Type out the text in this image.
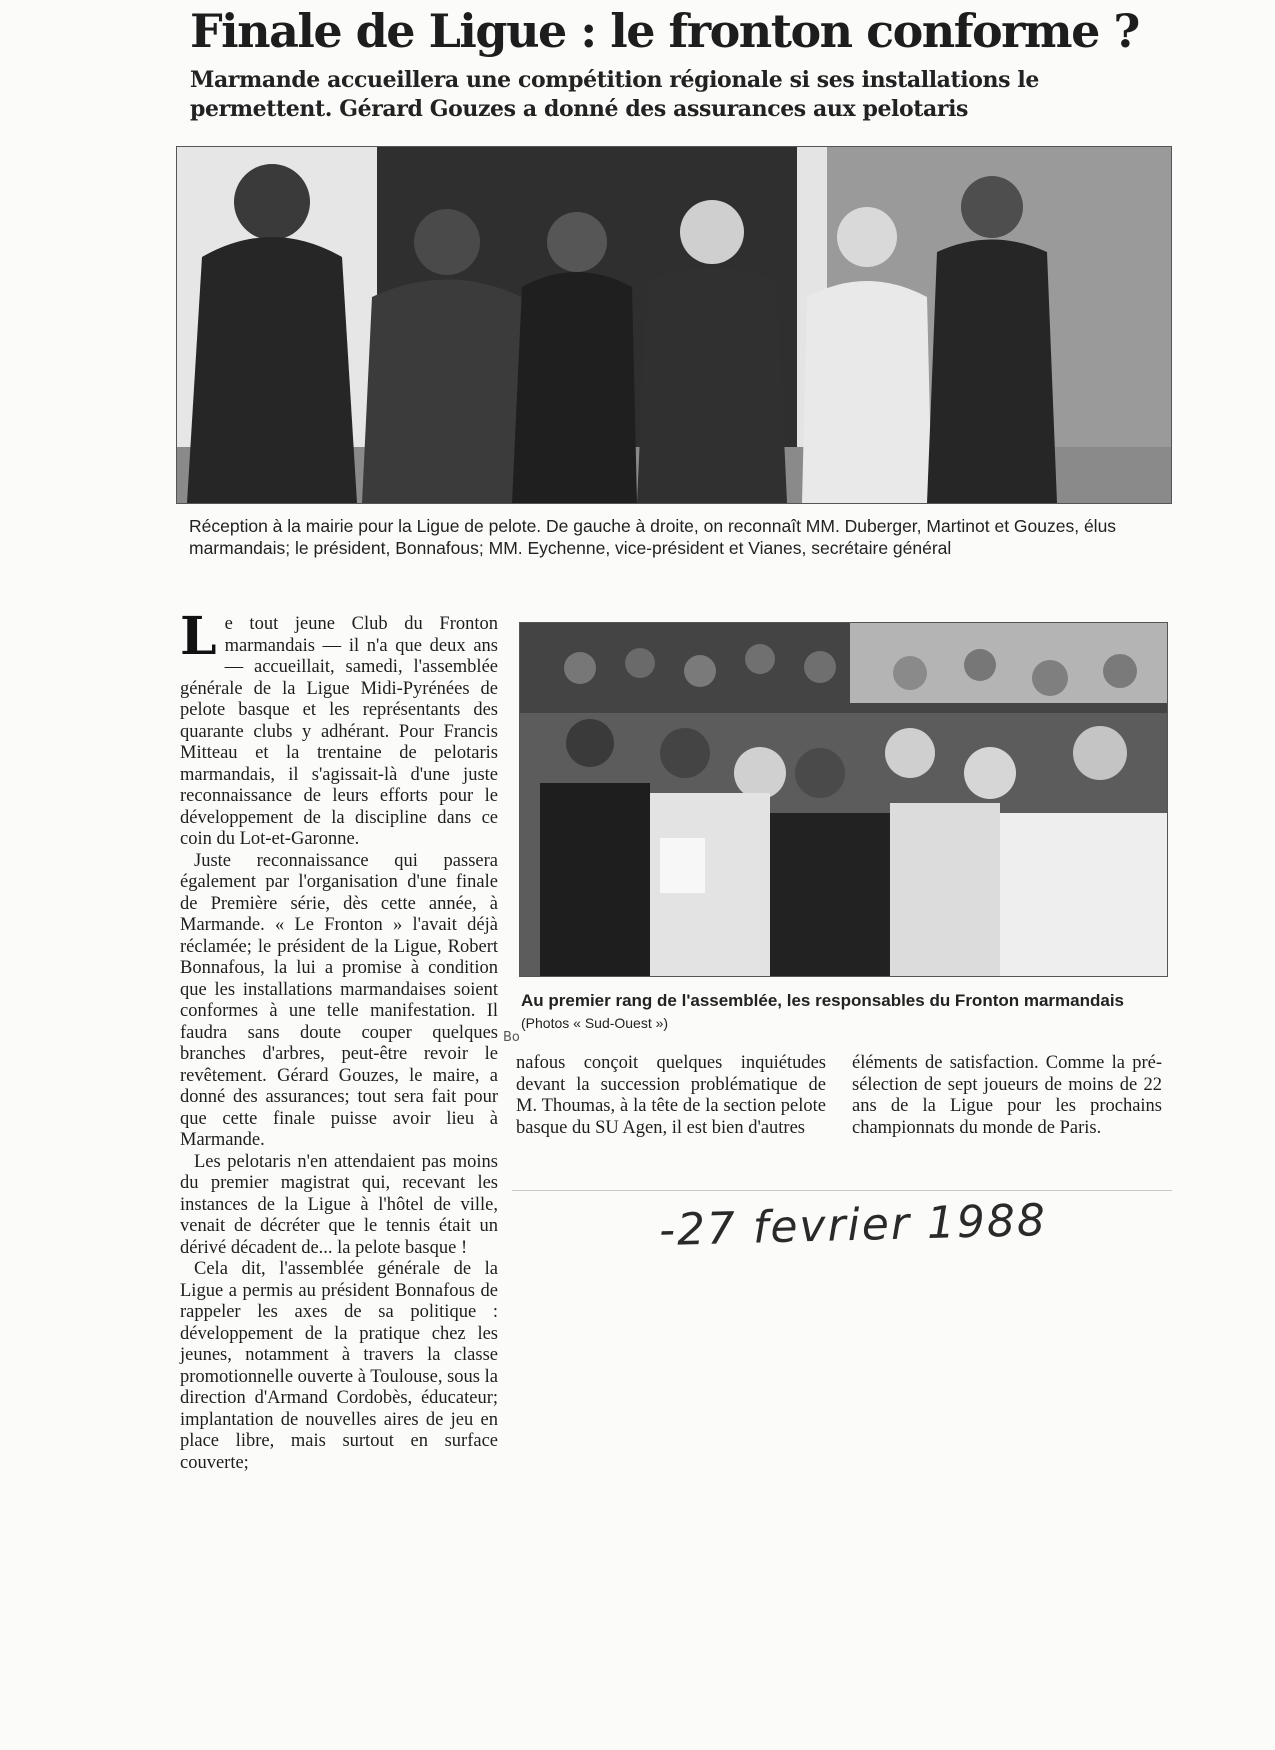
Finale de Ligue : le fronton conforme ?
Marmande accueillera une compétition régionale si ses installations le permettent. Gérard Gouzes a donné des assurances aux pelotaris

Réception à la mairie pour la Ligue de pelote. De gauche à droite, on reconnaît MM. Duberger, Martinot et Gouzes, élus marmandais; le président, Bonnafous; MM. Eychenne, vice-président et Vianes, secrétaire général

Au premier rang de l'assemblée, les responsables du Fronton marmandais (Photos « Sud-Ouest »)

Le tout jeune Club du Fronton marmandais — il n'a que deux ans — accueillait, samedi, l'assemblée générale de la Ligue Midi-Pyrénées de pelote basque et les représentants des quarante clubs y adhérant. Pour Francis Mitteau et la trentaine de pelotaris marmandais, il s'agissait-là d'une juste reconnaissance de leurs efforts pour le développement de la discipline dans ce coin du Lot-et-Garonne.

Juste reconnaissance qui passera également par l'organisation d'une finale de Première série, dès cette année, à Marmande. « Le Fronton » l'avait déjà réclamée; le président de la Ligue, Robert Bonnafous, la lui a promise à condition que les installations marmandaises soient conformes à une telle manifestation. Il faudra sans doute couper quelques branches d'arbres, peut-être revoir le revêtement. Gérard Gouzes, le maire, a donné des assurances; tout sera fait pour que cette finale puisse avoir lieu à Marmande.

Les pelotaris n'en attendaient pas moins du premier magistrat qui, recevant les instances de la Ligue à l'hôtel de ville, venait de décréter que le tennis était un dérivé décadent de... la pelote basque !

Cela dit, l'assemblée générale de la Ligue a permis au président Bonnafous de rappeler les axes de sa politique : développement de la pratique chez les jeunes, notamment à travers la classe promotionnelle ouverte à Toulouse, sous la direction d'Armand Cordobès, éducateur; implantation de nouvelles aires de jeu en place libre, mais surtout en surface couverte;

Bo

nafous conçoit quelques inquiétudes devant la succession problématique de M. Thoumas, à la tête de la section pelote basque du SU Agen, il est bien d'autres

éléments de satisfaction. Comme la pré-sélection de sept joueurs de moins de 22 ans de la Ligue pour les prochains championnats du monde de Paris.

-27 fevrier 1988
